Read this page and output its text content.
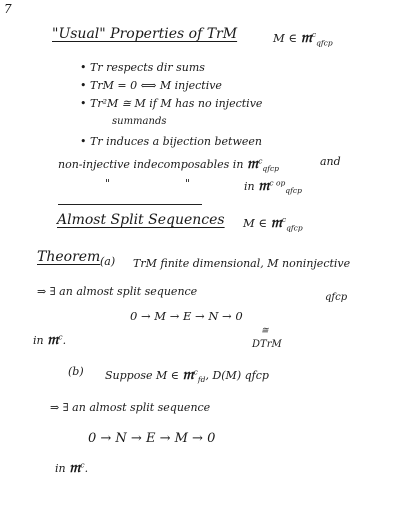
7
"Usual" Properties of TrM	M ∈ 𝔪$^c_{qfcp}$
• Tr respects dir sums
• TrM = 0 ⟺ M injective
• Tr²M ≅ M if M has no injective
summands
• Tr induces a bijection between
non-injective indecomposables in 𝔪$^c_{qfcp}$
and
"	"	in 𝔪$^{c op}_{qfcp}$
Almost Split Sequences M ∈ 𝔪$^c_{qfcp}$
Theorem (a) TrM finite dimensional, M noninjective
⇒ ∃ an almost split sequence	qfcp
0 → M → E → N → 0
≅
DTrM
in 𝔪$^c$.
(b) Suppose M ∈ 𝔪$^c_{fd}$, D(M) qfcp
⇒ ∃ an almost split sequence
0 → N → E → M → 0
in 𝔪$^c$.
